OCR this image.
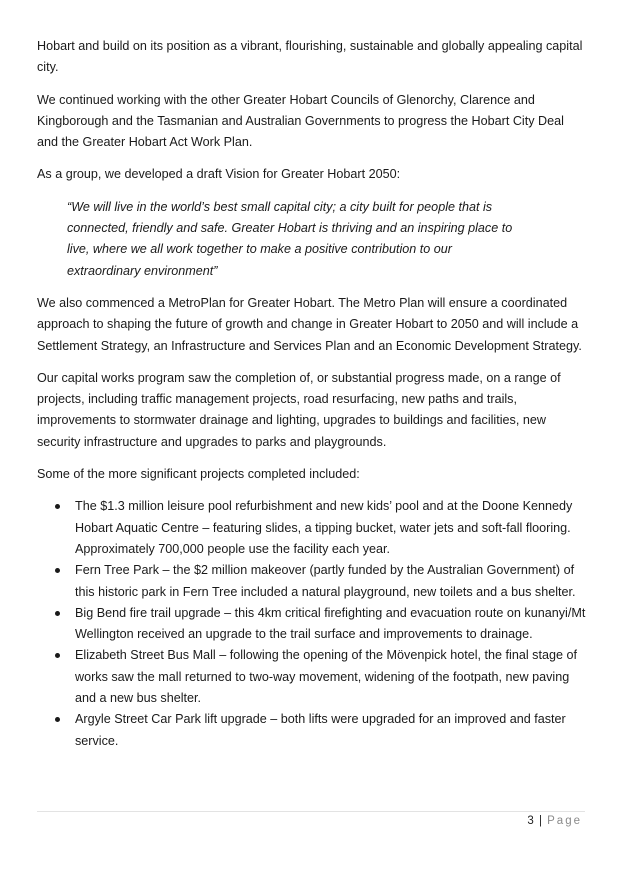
Hobart and build on its position as a vibrant, flourishing, sustainable and globally appealing capital city.

We continued working with the other Greater Hobart Councils of Glenorchy, Clarence and Kingborough and the Tasmanian and Australian Governments to progress the Hobart City Deal and the Greater Hobart Act Work Plan.

As a group, we developed a draft Vision for Greater Hobart 2050:

“We will live in the world’s best small capital city; a city built for people that is connected, friendly and safe. Greater Hobart is thriving and an inspiring place to live, where we all work together to make a positive contribution to our extraordinary environment”

We also commenced a MetroPlan for Greater Hobart. The Metro Plan will ensure a coordinated approach to shaping the future of growth and change in Greater Hobart to 2050 and will include a Settlement Strategy, an Infrastructure and Services Plan and an Economic Development Strategy.

Our capital works program saw the completion of, or substantial progress made, on a range of projects, including traffic management projects, road resurfacing, new paths and trails, improvements to stormwater drainage and lighting, upgrades to buildings and facilities, new security infrastructure and upgrades to parks and playgrounds.

Some of the more significant projects completed included:

The $1.3 million leisure pool refurbishment and new kids’ pool and at the Doone Kennedy Hobart Aquatic Centre – featuring slides, a tipping bucket, water jets and soft-fall flooring. Approximately 700,000 people use the facility each year.
Fern Tree Park – the $2 million makeover (partly funded by the Australian Government) of this historic park in Fern Tree included a natural playground, new toilets and a bus shelter.
Big Bend fire trail upgrade – this 4km critical firefighting and evacuation route on kunanyi/Mt Wellington received an upgrade to the trail surface and improvements to drainage.
Elizabeth Street Bus Mall – following the opening of the Mövenpick hotel, the final stage of works saw the mall returned to two-way movement, widening of the footpath, new paving and a new bus shelter.
Argyle Street Car Park lift upgrade – both lifts were upgraded for an improved and faster service.
3 | Page
